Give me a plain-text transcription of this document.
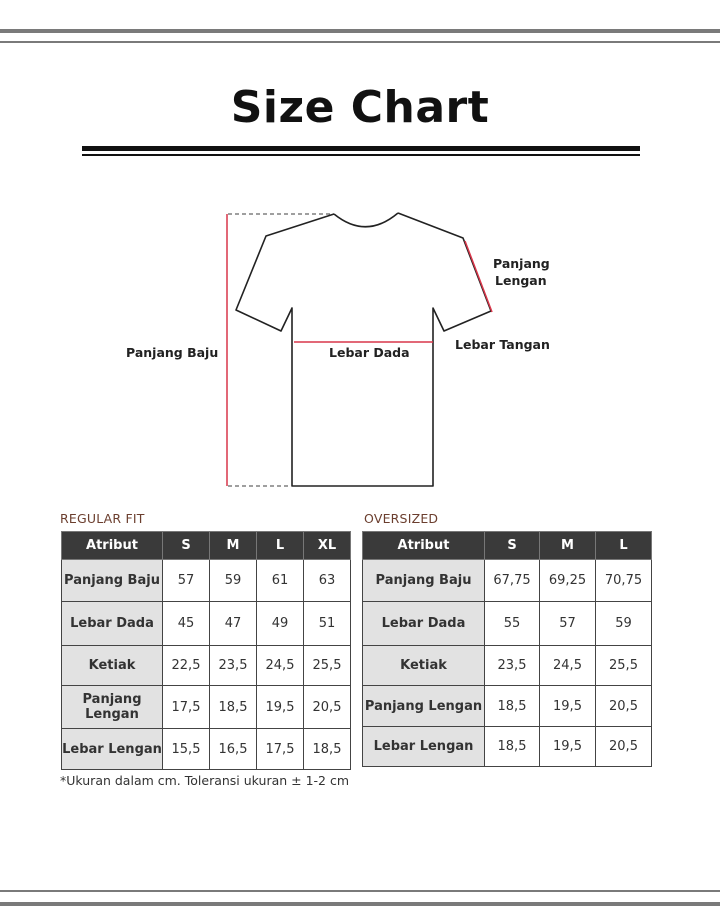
Size Chart
Panjang Baju	Lebar Dada
Lebar Tangan
Panjang
Lengan
REGULAR FIT
Atribut	S	M	L	XL
Panjang Baju	57	59	61	63
Lebar Dada	45	47	49	51
Ketiak	22,5	23,5	24,5	25,5

Panjang
Lengan	17,5	18,5	19,5	20,5
Lebar Lengan	15,5	16,5	17,5	18,5
OVERSIZED
Atribut	S	M	L
Panjang Baju	67,75	69,25	70,75
Lebar Dada	55	57	59
Ketiak	23,5	24,5	25,5
Panjang Lengan	18,5	19,5	20,5
Lebar Lengan	18,5	19,5	20,5
*Ukuran dalam cm. Toleransi ukuran ± 1-2 cm
